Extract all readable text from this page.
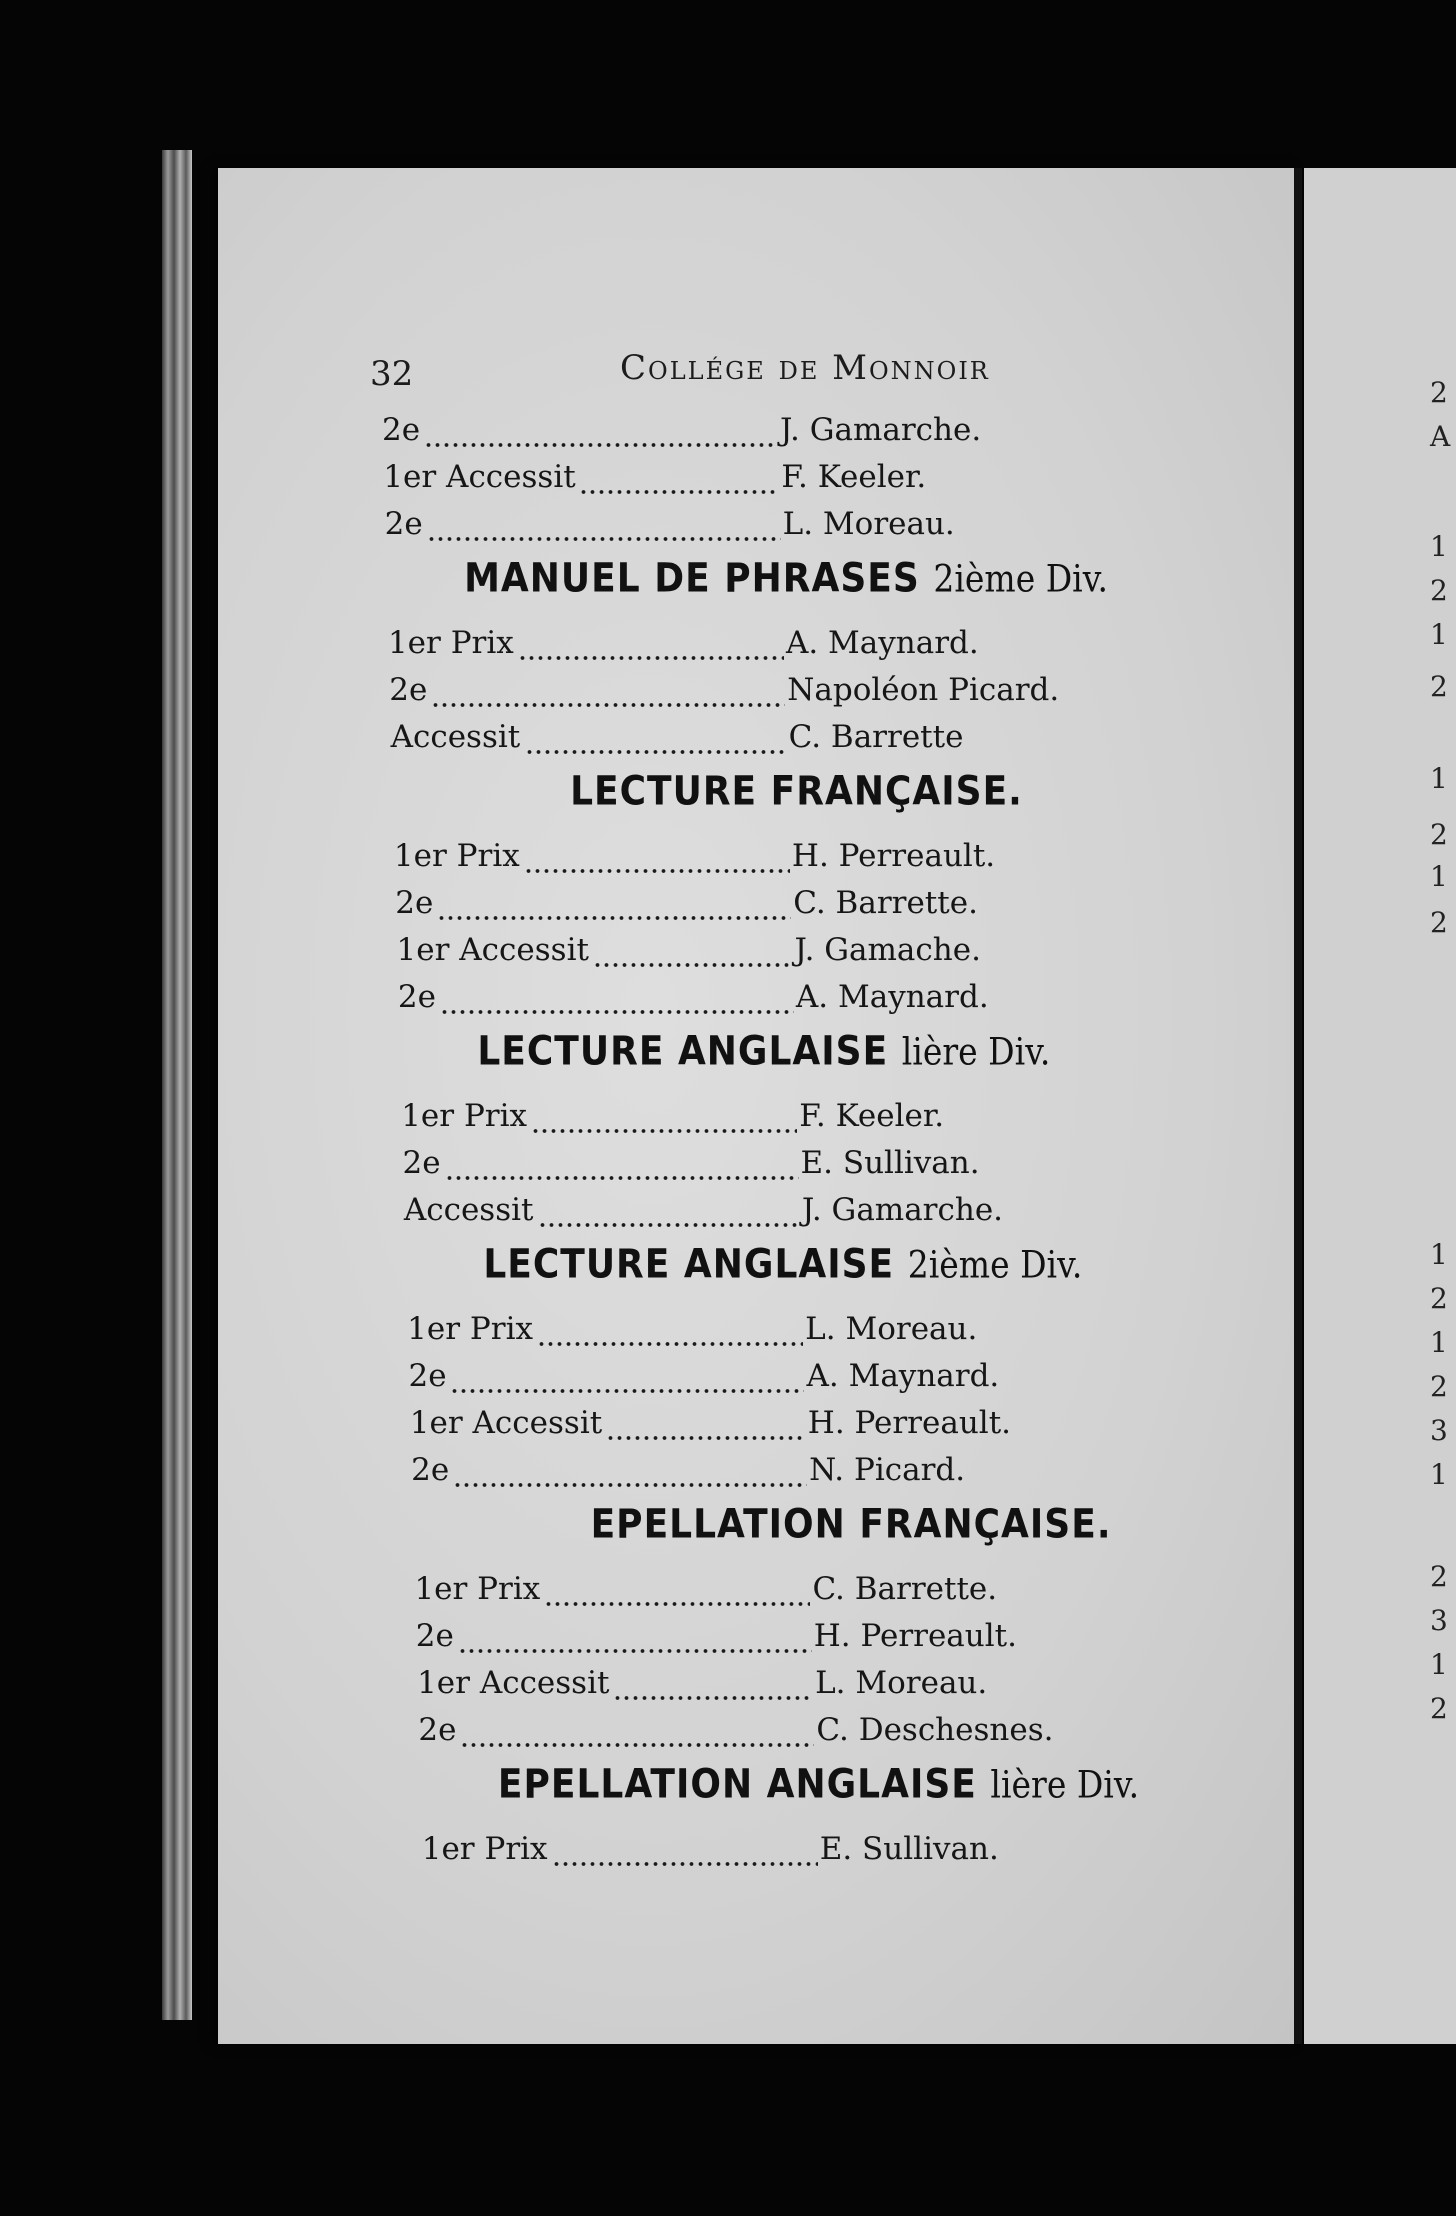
32	Collége de Monnoir
2e	J. Gamarche.
1er Accessit	F. Keeler.
2e	L. Moreau.
MANUEL DE PHRASES 2ième Div.
1er Prix	A. Maynard.
2e	Napoléon Picard.
Accessit	C. Barrette
LECTURE FRANÇAISE.
1er Prix	H. Perreault.
2e	C. Barrette.
1er Accessit	J. Gamache.
2e	A. Maynard.
LECTURE ANGLAISE lière Div.
1er Prix	F. Keeler.
2e	E. Sullivan.
Accessit	J. Gamarche.
LECTURE ANGLAISE 2ième Div.
1er Prix	L. Moreau.
2e	A. Maynard.
1er Accessit	H. Perreault.
2e	N. Picard.
EPELLATION FRANÇAISE.
1er Prix	C. Barrette.
2e	H. Perreault.
1er Accessit	L. Moreau.
2e	C. Deschesnes.
EPELLATION ANGLAISE lière Div.
1er Prix	E. Sullivan.
2
A
1
2
1
2
1
2
1
2
1
2
1
2
3
1
2
3
1
2
